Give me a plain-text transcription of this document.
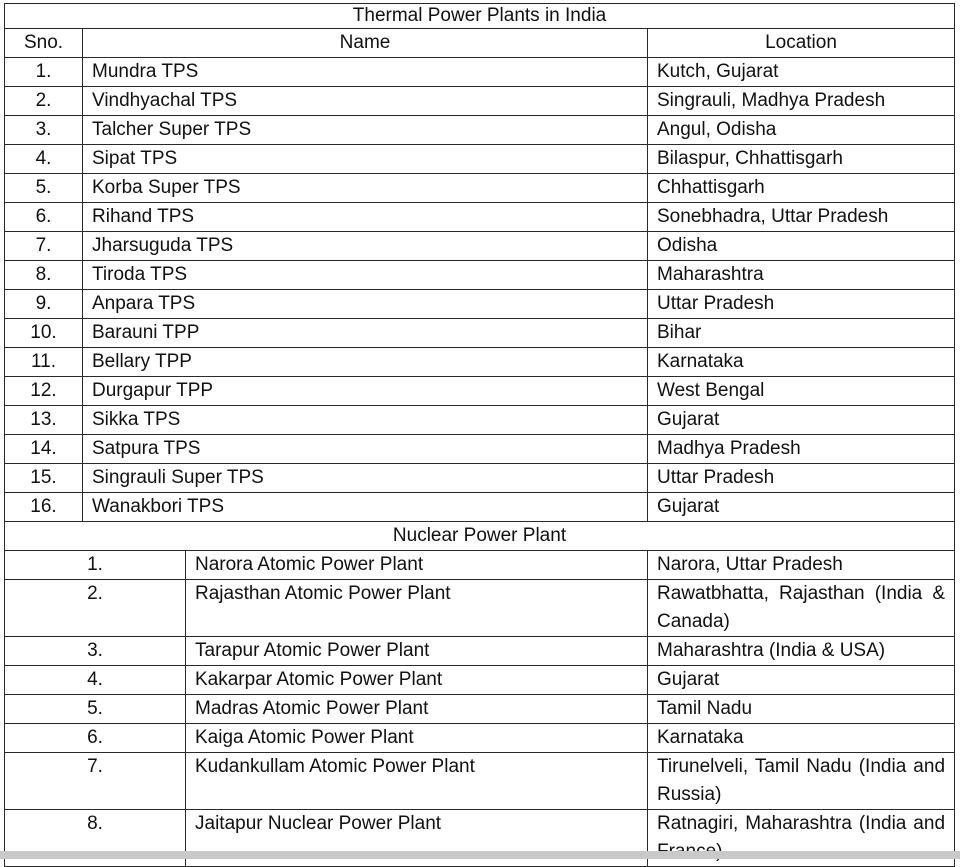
Thermal Power Plants in India			
Sno.	Name		Location
1.	Mundra TPS		Kutch, Gujarat
2.	Vindhyachal TPS		Singrauli, Madhya Pradesh
3.	Talcher Super TPS		Angul, Odisha
4.	Sipat TPS		Bilaspur, Chhattisgarh
5.	Korba Super TPS		Chhattisgarh
6.	Rihand TPS		Sonebhadra, Uttar Pradesh
7.	Jharsuguda TPS		Odisha
8.	Tiroda TPS		Maharashtra
9.	Anpara TPS		Uttar Pradesh
10.	Barauni TPP		Bihar
11.	Bellary TPP		Karnataka
12.	Durgapur TPP		West Bengal
13.	Sikka TPS		Gujarat
14.	Satpura TPS		Madhya Pradesh
15.	Singrauli Super TPS		Uttar Pradesh
16.	Wanakbori TPS		Gujarat
Nuclear Power Plant			
1.		Narora Atomic Power Plant	Narora, Uttar Pradesh
2.		Rajasthan Atomic Power Plant	Rawatbhatta, Rajasthan (India & Canada)
3.		Tarapur Atomic Power Plant	Maharashtra (India & USA)
4.		Kakarpar Atomic Power Plant	Gujarat
5.		Madras Atomic Power Plant	Tamil Nadu
6.		Kaiga Atomic Power Plant	Karnataka
7.		Kudankullam Atomic Power Plant	Tirunelveli, Tamil Nadu (India and Russia)
8.		Jaitapur Nuclear Power Plant	Ratnagiri, Maharashtra (India and
